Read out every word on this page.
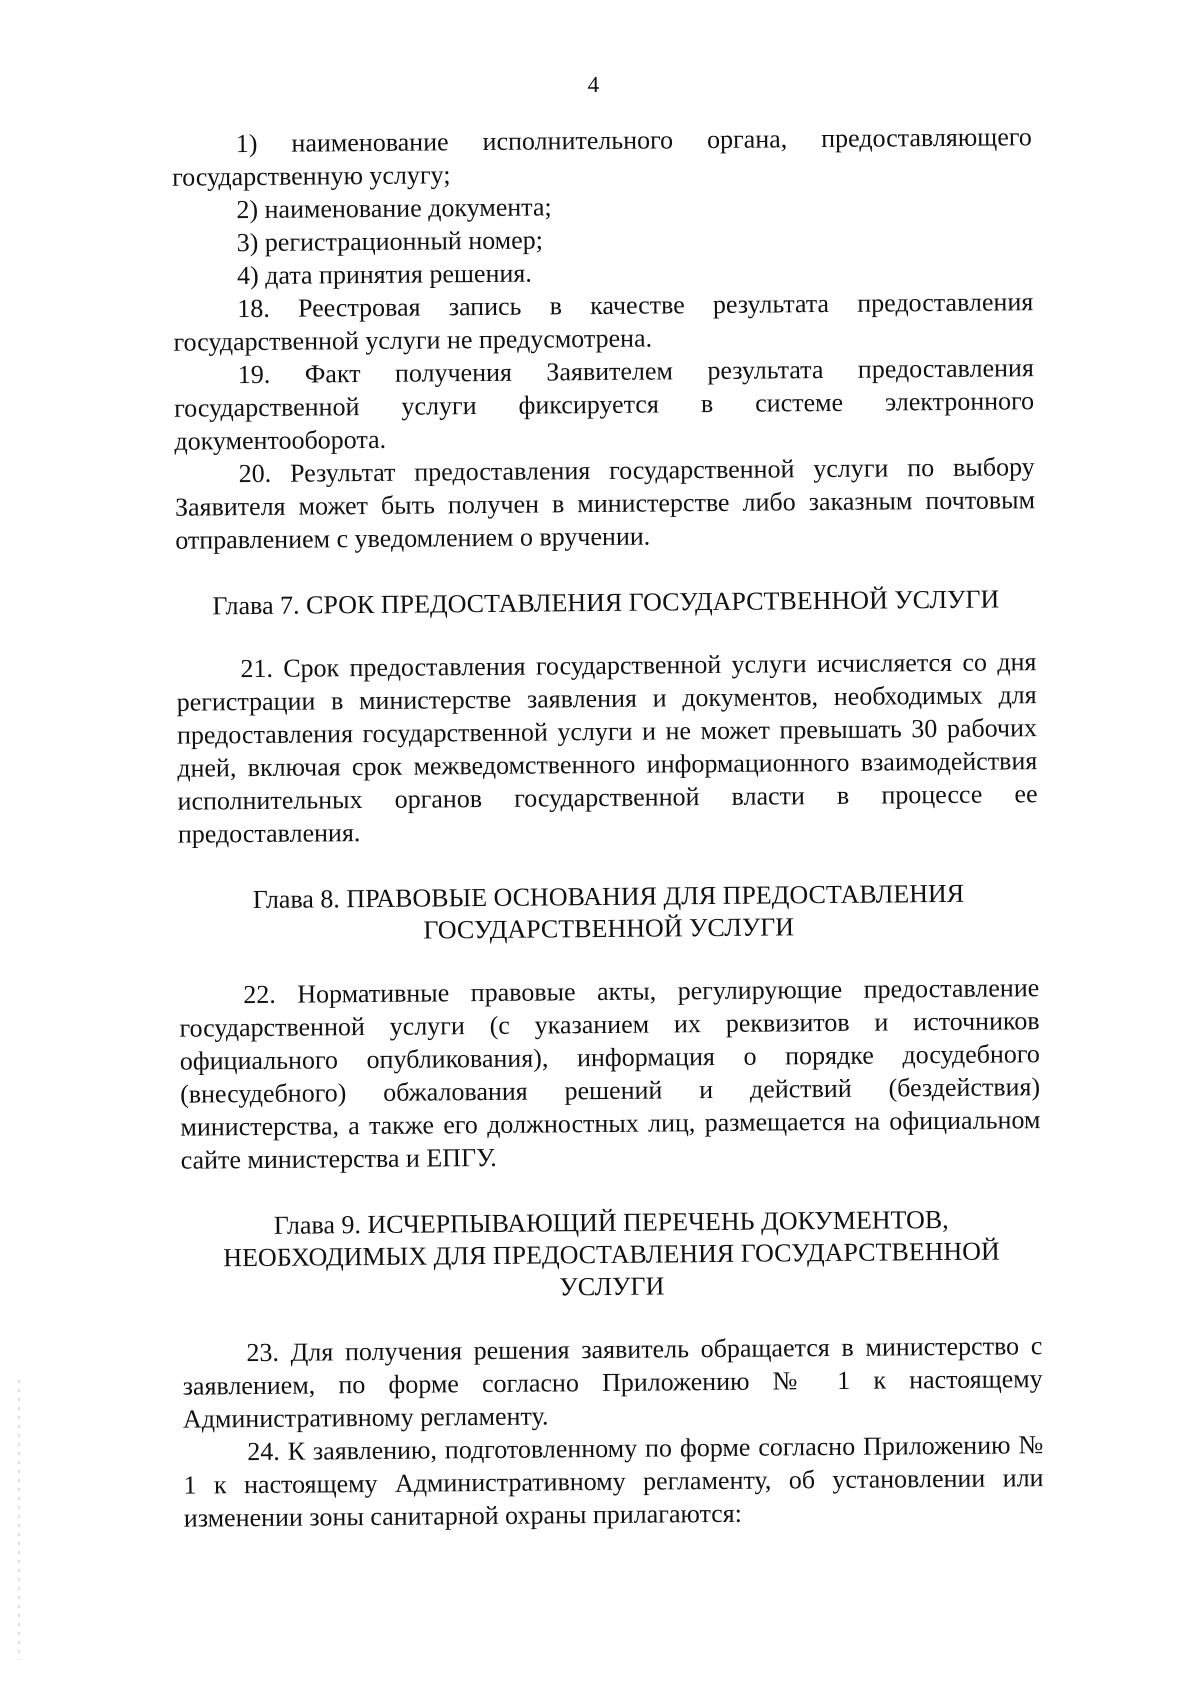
4

1) наименование исполнительного органа, предоставляющего государственную услугу;

2) наименование документа;

3) регистрационный номер;

4) дата принятия решения.

18. Реестровая запись в качестве результата предоставления государственной услуги не предусмотрена.

19. Факт получения Заявителем результата предоставления государственной услуги фиксируется в системе электронного документооборота.

20. Результат предоставления государственной услуги по выбору Заявителя может быть получен в министерстве либо заказным почтовым отправлением с уведомлением о вручении.

Глава 7. СРОК ПРЕДОСТАВЛЕНИЯ ГОСУДАРСТВЕННОЙ УСЛУГИ

21. Срок предоставления государственной услуги исчисляется со дня регистрации в министерстве заявления и документов, необходимых для предоставления государственной услуги и не может превышать 30 рабочих дней, включая срок межведомственного информационного взаимодействия исполнительных органов государственной власти в процессе ее предоставления.

Глава 8. ПРАВОВЫЕ ОСНОВАНИЯ ДЛЯ ПРЕДОСТАВЛЕНИЯ
ГОСУДАРСТВЕННОЙ УСЛУГИ

22. Нормативные правовые акты, регулирующие предоставление государственной услуги (с указанием их реквизитов и источников официального опубликования), информация о порядке досудебного (внесудебного) обжалования решений и действий (бездействия) министерства, а также его должностных лиц, размещается на официальном сайте министерства и ЕПГУ.

Глава 9. ИСЧЕРПЫВАЮЩИЙ ПЕРЕЧЕНЬ ДОКУМЕНТОВ,
НЕОБХОДИМЫХ ДЛЯ ПРЕДОСТАВЛЕНИЯ ГОСУДАРСТВЕННОЙ
УСЛУГИ

23. Для получения решения заявитель обращается в министерство с заявлением, по форме согласно Приложению № 1 к настоящему Административному регламенту.

24. К заявлению, подготовленному по форме согласно Приложению № 1 к настоящему Административному регламенту, об установлении или изменении зоны санитарной охраны прилагаются:
